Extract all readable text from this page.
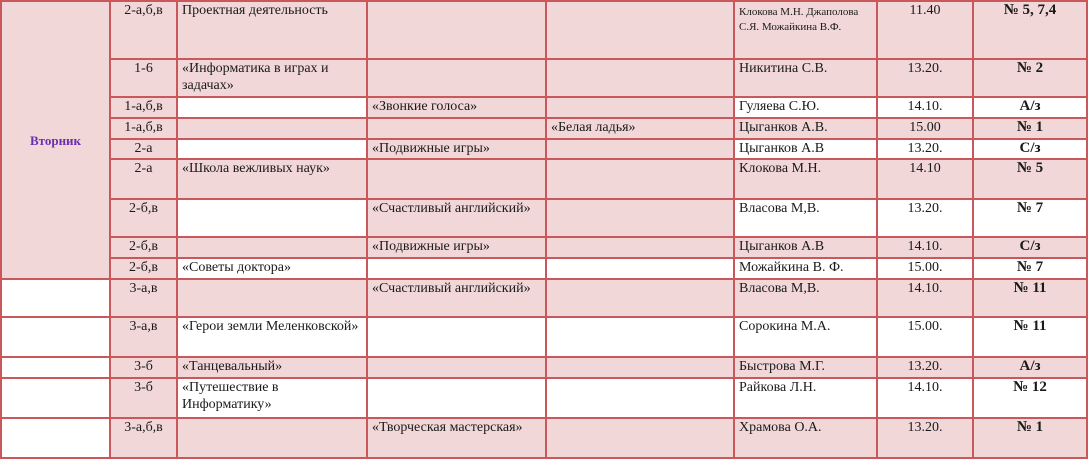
Вторник	2-а,б,в	Проектная деятельность			Клокова М.Н. Джаполова С.Я. Можайкина В.Ф.	11.40	№ 5, 7,4
	1-6	«Информатика в играх и задачах»			Никитина С.В.	13.20.	№ 2
	1-а,б,в		«Звонкие голоса»		Гуляева С.Ю.	14.10.	А/з
	1-а,б,в			«Белая ладья»	Цыганков А.В.	15.00	№ 1
	2-а		«Подвижные игры»		Цыганков А.В	13.20.	С/з
	2-а	«Школа вежливых наук»			Клокова М.Н.	14.10	№ 5
	2-б,в		«Счастливый английский»		Власова М,В.	13.20.	№ 7
	2-б,в		«Подвижные игры»		Цыганков А.В	14.10.	С/з
	2-б,в	«Советы доктора»			Можайкина В. Ф.	15.00.	№ 7
	3-а,в		«Счастливый английский»		Власова М,В.	14.10.	№ 11
	3-а,в	«Герои земли Меленковской»			Сорокина М.А.	15.00.	№ 11
	3-б	«Танцевальный»			Быстрова М.Г.	13.20.	А/з
	3-б	«Путешествие в Информатику»			Райкова Л.Н.	14.10.	№ 12
	3-а,б,в		«Творческая мастерская»		Храмова О.А.	13.20.	№ 1
